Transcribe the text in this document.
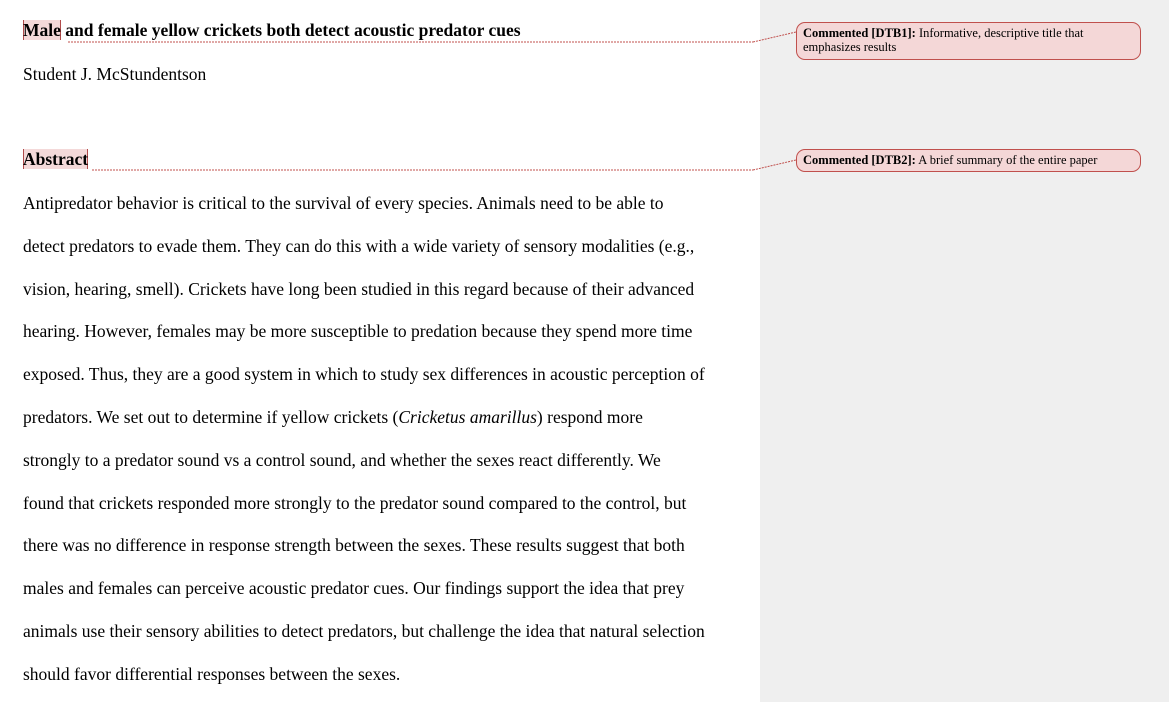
Male and female yellow crickets both detect acoustic predator cues

Student J. McStundentson

Abstract
Antipredator behavior is critical to the survival of every species. Animals need to be able to
detect predators to evade them. They can do this with a wide variety of sensory modalities (e.g.,
vision, hearing, smell). Crickets have long been studied in this regard because of their advanced
hearing. However, females may be more susceptible to predation because they spend more time
exposed. Thus, they are a good system in which to study sex differences in acoustic perception of
predators. We set out to determine if yellow crickets (Cricketus amarillus) respond more
strongly to a predator sound vs a control sound, and whether the sexes react differently. We
found that crickets responded more strongly to the predator sound compared to the control, but
there was no difference in response strength between the sexes. These results suggest that both
males and females can perceive acoustic predator cues. Our findings support the idea that prey
animals use their sensory abilities to detect predators, but challenge the idea that natural selection
should favor differential responses between the sexes.
Commented [DTB1]: Informative, descriptive title that emphasizes results
Commented [DTB2]: A brief summary of the entire paper
